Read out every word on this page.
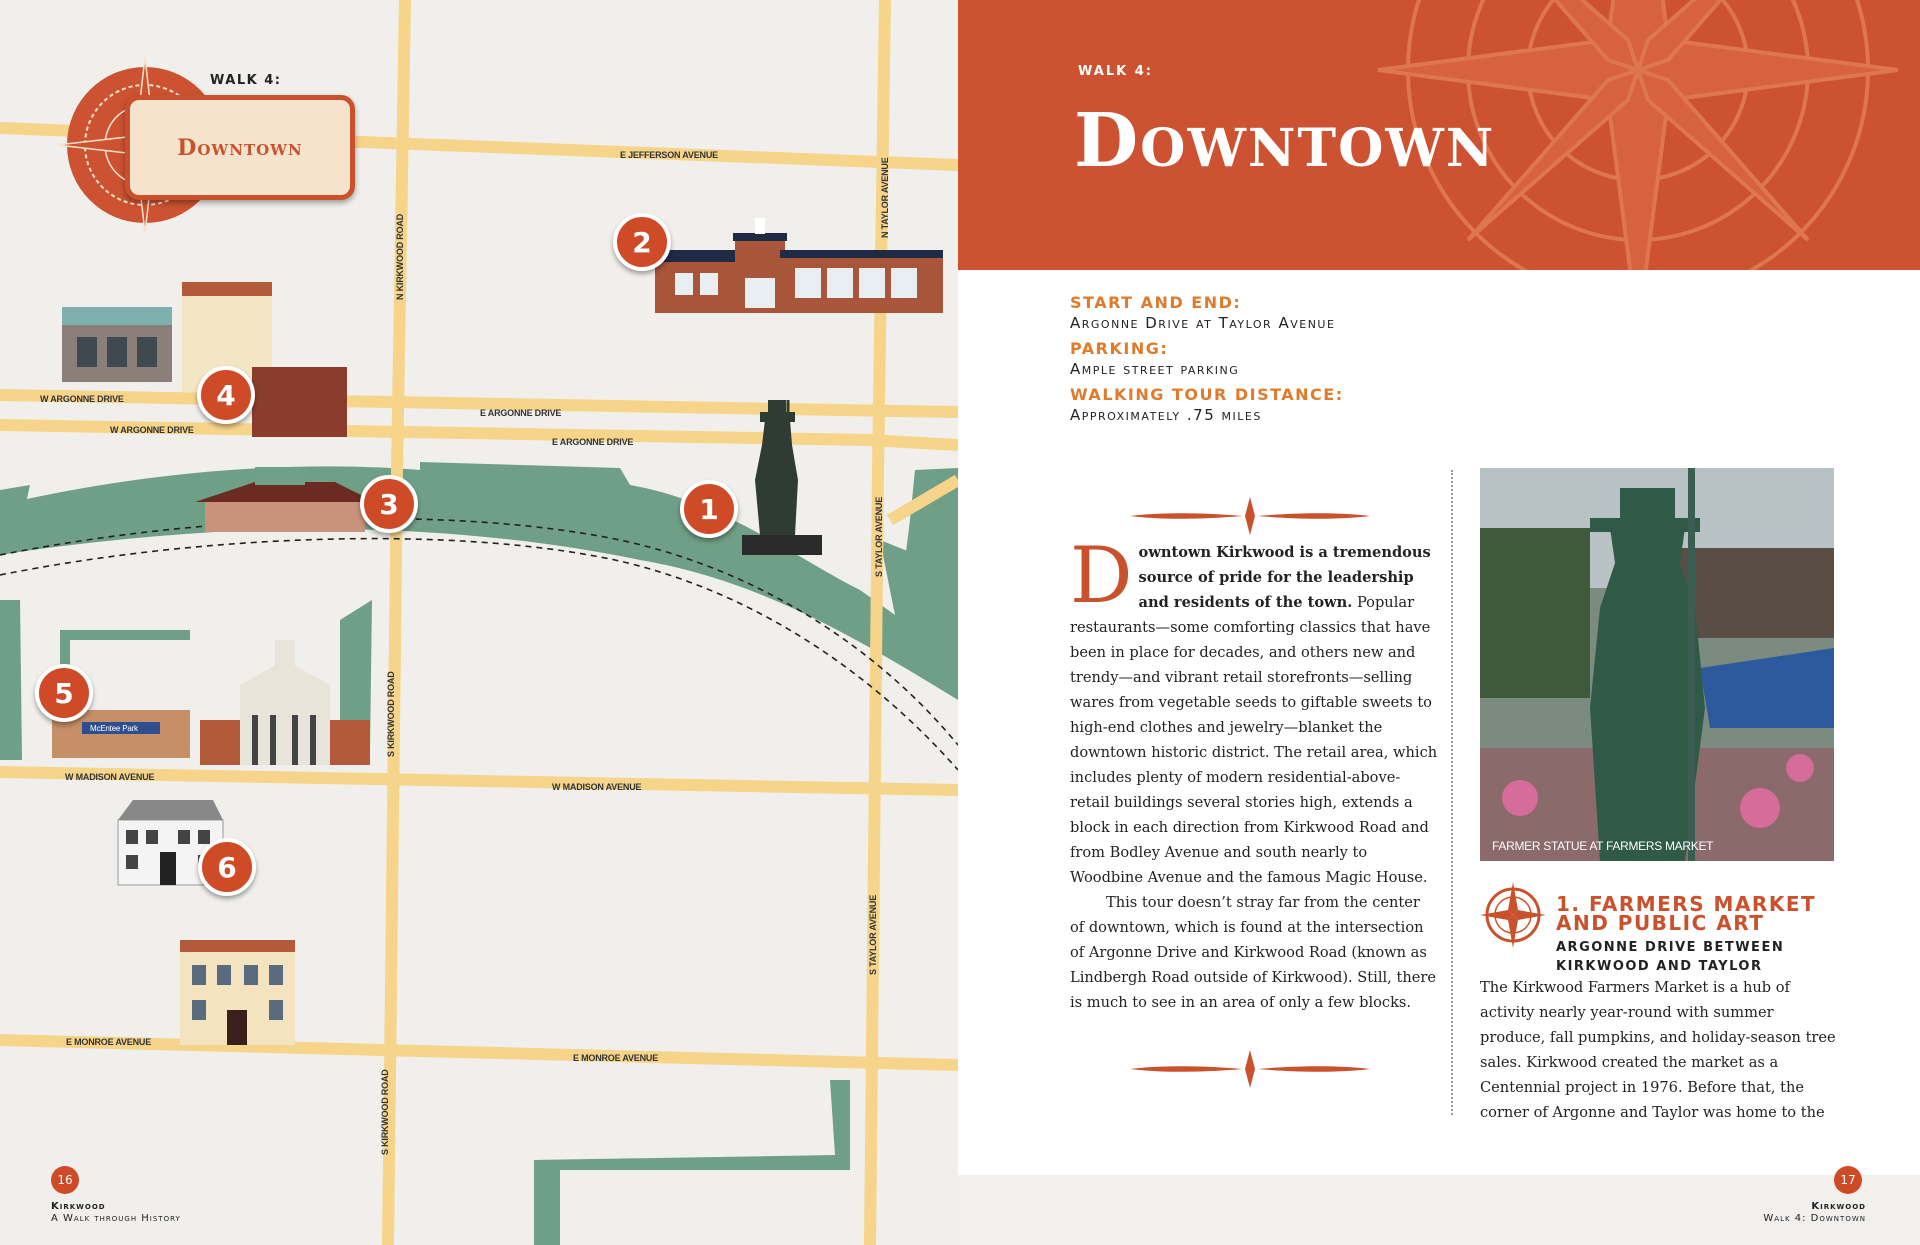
E JEFFERSON AVENUE
N KIRKWOOD ROAD
N TAYLOR AVENUE
W ARGONNE DRIVE
W ARGONNE DRIVE
E ARGONNE DRIVE
E ARGONNE DRIVE
S TAYLOR AVENUE
S KIRKWOOD ROAD
W MADISON AVENUE
W MADISON AVENUE
S TAYLOR AVENUE
E MONROE AVENUE
E MONROE AVENUE
S KIRKWOOD ROAD
McEntee Park
WALK 4:
Downtown
1
2
3
4
5
6
16
Kirkwood
A Walk through History
WALK 4:
Downtown
START AND END:
Argonne Drive at Taylor Avenue
PARKING:
Ample street parking
WALKING TOUR DISTANCE:
Approximately .75 miles
Downtown Kirkwood is a tremendous source of pride for the leadership and residents of the town. Popular restaurants—some comforting classics that have been in place for decades, and others new and trendy—and vibrant retail storefronts—selling wares from vegetable seeds to giftable sweets to high-end clothes and jewelry—blanket the downtown historic district. The retail area, which includes plenty of modern residential-above-retail buildings several stories high, extends a block in each direction from Kirkwood Road and from Bodley Avenue and south nearly to Woodbine Avenue and the famous Magic House.
This tour doesn’t stray far from the center of downtown, which is found at the intersection of Argonne Drive and Kirkwood Road (known as Lindbergh Road outside of Kirkwood). Still, there is much to see in an area of only a few blocks.
FARMER STATUE AT FARMERS MARKET
1. FARMERS MARKET
AND PUBLIC ART
ARGONNE DRIVE BETWEEN
KIRKWOOD AND TAYLOR
The Kirkwood Farmers Market is a hub of activity nearly year-round with summer produce, fall pumpkins, and holiday-season tree sales. Kirkwood created the market as a Centennial project in 1976. Before that, the corner of Argonne and Taylor was home to the
17
Kirkwood
Walk 4: Downtown
